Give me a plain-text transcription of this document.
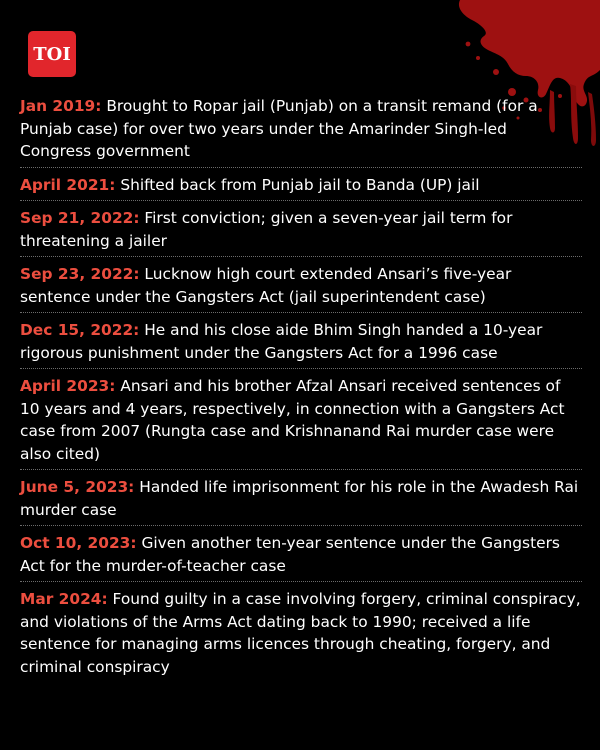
TOI
Jan 2019: Brought to Ropar jail (Punjab) on a transit remand (for a Punjab case) for over two years under the Amarinder Singh-led Congress government
April 2021: Shifted back from Punjab jail to Banda (UP) jail
Sep 21, 2022: First conviction; given a seven-year jail term for threatening a jailer
Sep 23, 2022: Lucknow high court extended Ansari’s five-year sentence under the Gangsters Act (jail superintendent case)
Dec 15, 2022: He and his close aide Bhim Singh handed a 10-year rigorous punishment under the Gangsters Act for a 1996 case
April 2023: Ansari and his brother Afzal Ansari received sentences of 10 years and 4 years, respectively, in connection with a Gangsters Act case from 2007 (Rungta case and Krishnanand Rai murder case were also cited)
June 5, 2023: Handed life imprisonment for his role in the Awadesh Rai murder case
Oct 10, 2023: Given another ten-year sentence under the Gangsters Act for the murder-of-teacher case
Mar 2024: Found guilty in a case involving forgery, criminal conspiracy, and violations of the Arms Act dating back to 1990; received a life sentence for managing arms licences through cheating, forgery, and criminal conspiracy
